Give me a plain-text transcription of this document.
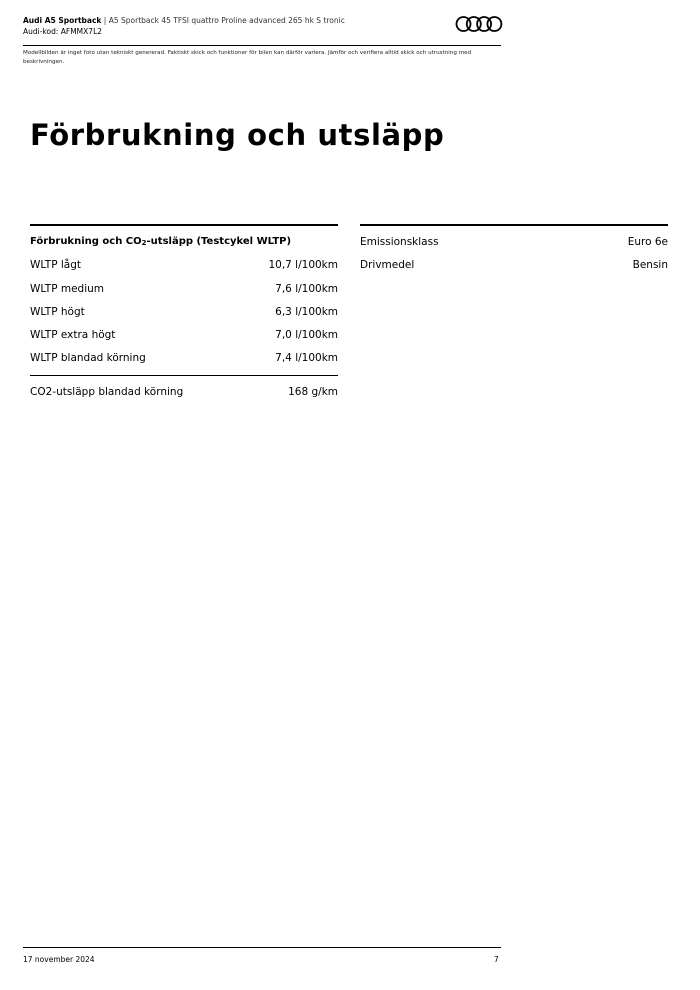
Audi A5 Sportback | A5 Sportback 45 TFSI quattro Proline advanced 265 hk S tronic
Audi-kod: AFMMX7L2
Modellbilden är inget foto utan tekniskt genererad. Faktiskt skick och funktioner för bilen kan därför variera. Jämför och verifiera alltid skick och utrustning med beskrivningen.
Förbrukning och utsläpp
Förbrukning och $CO_2$-utsläpp (Testcykel WLTP)
WLTP lågt	10,7 l/100km
WLTP medium	7,6 l/100km
WLTP högt	6,3 l/100km
WLTP extra högt	7,0 l/100km
WLTP blandad körning	7,4 l/100km
CO2-utsläpp blandad körning	168 g/km
Emissionsklass	Euro 6e
Drivmedel	Bensin
17 november 2024	7
